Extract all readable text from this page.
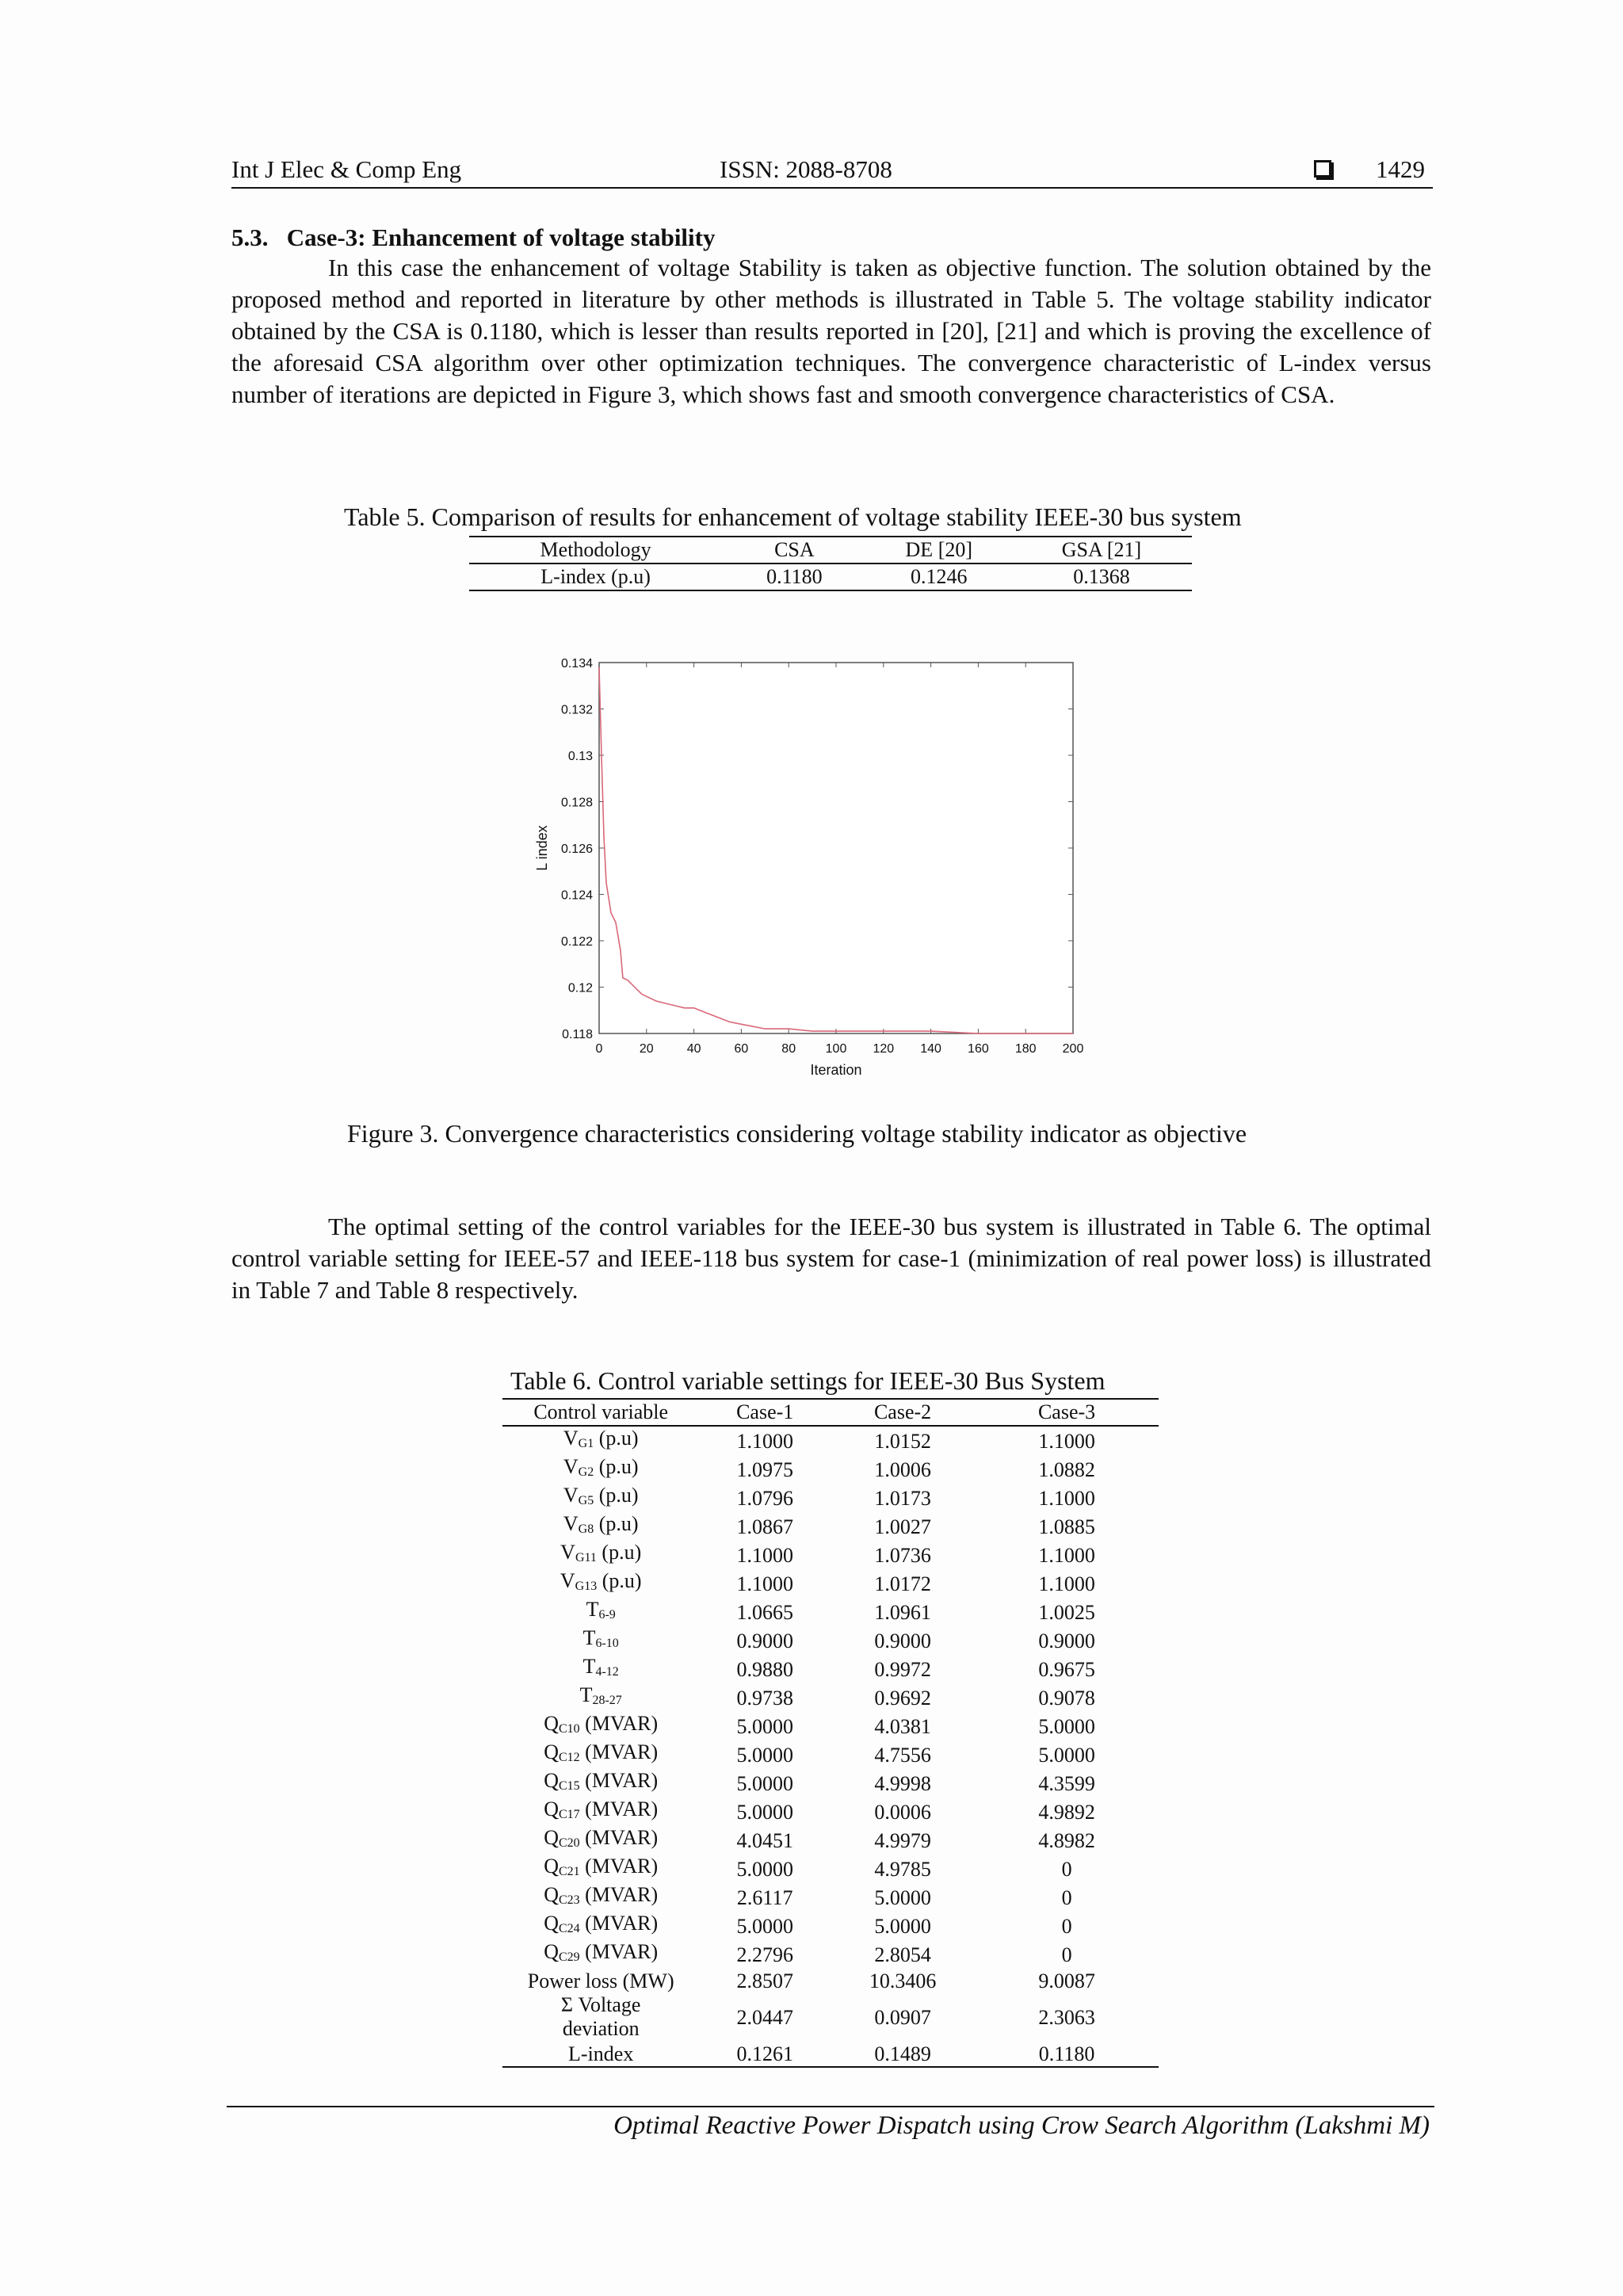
Int J Elec & Comp Eng	ISSN: 2088-8708	1429
5.3.   Case-3: Enhancement of voltage stability
In this case the enhancement of voltage Stability is taken as objective function. The solution obtained by the proposed method and reported in literature by other methods is illustrated in Table 5. The voltage stability indicator obtained by the CSA is 0.1180, which is lesser than results reported in [20], [21] and which is proving the excellence of the aforesaid CSA algorithm over other optimization techniques. The convergence characteristic of L-index versus number of iterations are depicted in Figure 3, which shows fast and smooth convergence characteristics of CSA.
Table 5. Comparison of results for enhancement of voltage stability IEEE-30 bus system
Methodology	CSA	DE [20]	GSA [21]
L-index (p.u)	0.1180	0.1246	0.1368
0	20	40	60	80 100 120 140 160 180 200
0.118
0.12
0.122
0.124
0.126
0.128
0.13
0.132
0.134
L index
Iteration
Figure 3. Convergence characteristics considering voltage stability indicator as objective
The optimal setting of the control variables for the IEEE-30 bus system is illustrated in Table 6. The optimal control variable setting for IEEE-57 and IEEE-118 bus system for case-1 (minimization of real power loss) is illustrated in Table 7 and Table 8 respectively.
Table 6. Control variable settings for IEEE-30 Bus System
Control variable	Case-1	Case-2	Case-3
$V_{G1}$ (p.u)	1.1000	1.0152	1.1000
$V_{G2}$ (p.u)	1.0975	1.0006	1.0882
$V_{G5}$ (p.u)	1.0796	1.0173	1.1000
$V_{G8}$ (p.u)	1.0867	1.0027	1.0885
$V_{G11}$ (p.u)	1.1000	1.0736	1.1000
$V_{G13}$ (p.u)	1.1000	1.0172	1.1000
$T_{6-9}$	1.0665	1.0961	1.0025
$T_{6-10}$	0.9000	0.9000	0.9000
$T_{4-12}$	0.9880	0.9972	0.9675
$T_{28-27}$	0.9738	0.9692	0.9078
$Q_{C10}$ (MVAR)	5.0000	4.0381	5.0000
$Q_{C12}$ (MVAR)	5.0000	4.7556	5.0000
$Q_{C15}$ (MVAR)	5.0000	4.9998	4.3599
$Q_{C17}$ (MVAR)	5.0000	0.0006	4.9892
$Q_{C20}$ (MVAR)	4.0451	4.9979	4.8982
$Q_{C21}$ (MVAR)	5.0000	4.9785	0
$Q_{C23}$ (MVAR)	2.6117	5.0000	0
$Q_{C24}$ (MVAR)	5.0000	5.0000	0
$Q_{C29}$ (MVAR)	2.2796	2.8054	0
Power loss (MW)	2.8507	10.3406	9.0087
Σ Voltage deviation	2.0447	0.0907	2.3063
L-index	0.1261	0.1489	0.1180
Optimal Reactive Power Dispatch using Crow Search Algorithm (Lakshmi M)
